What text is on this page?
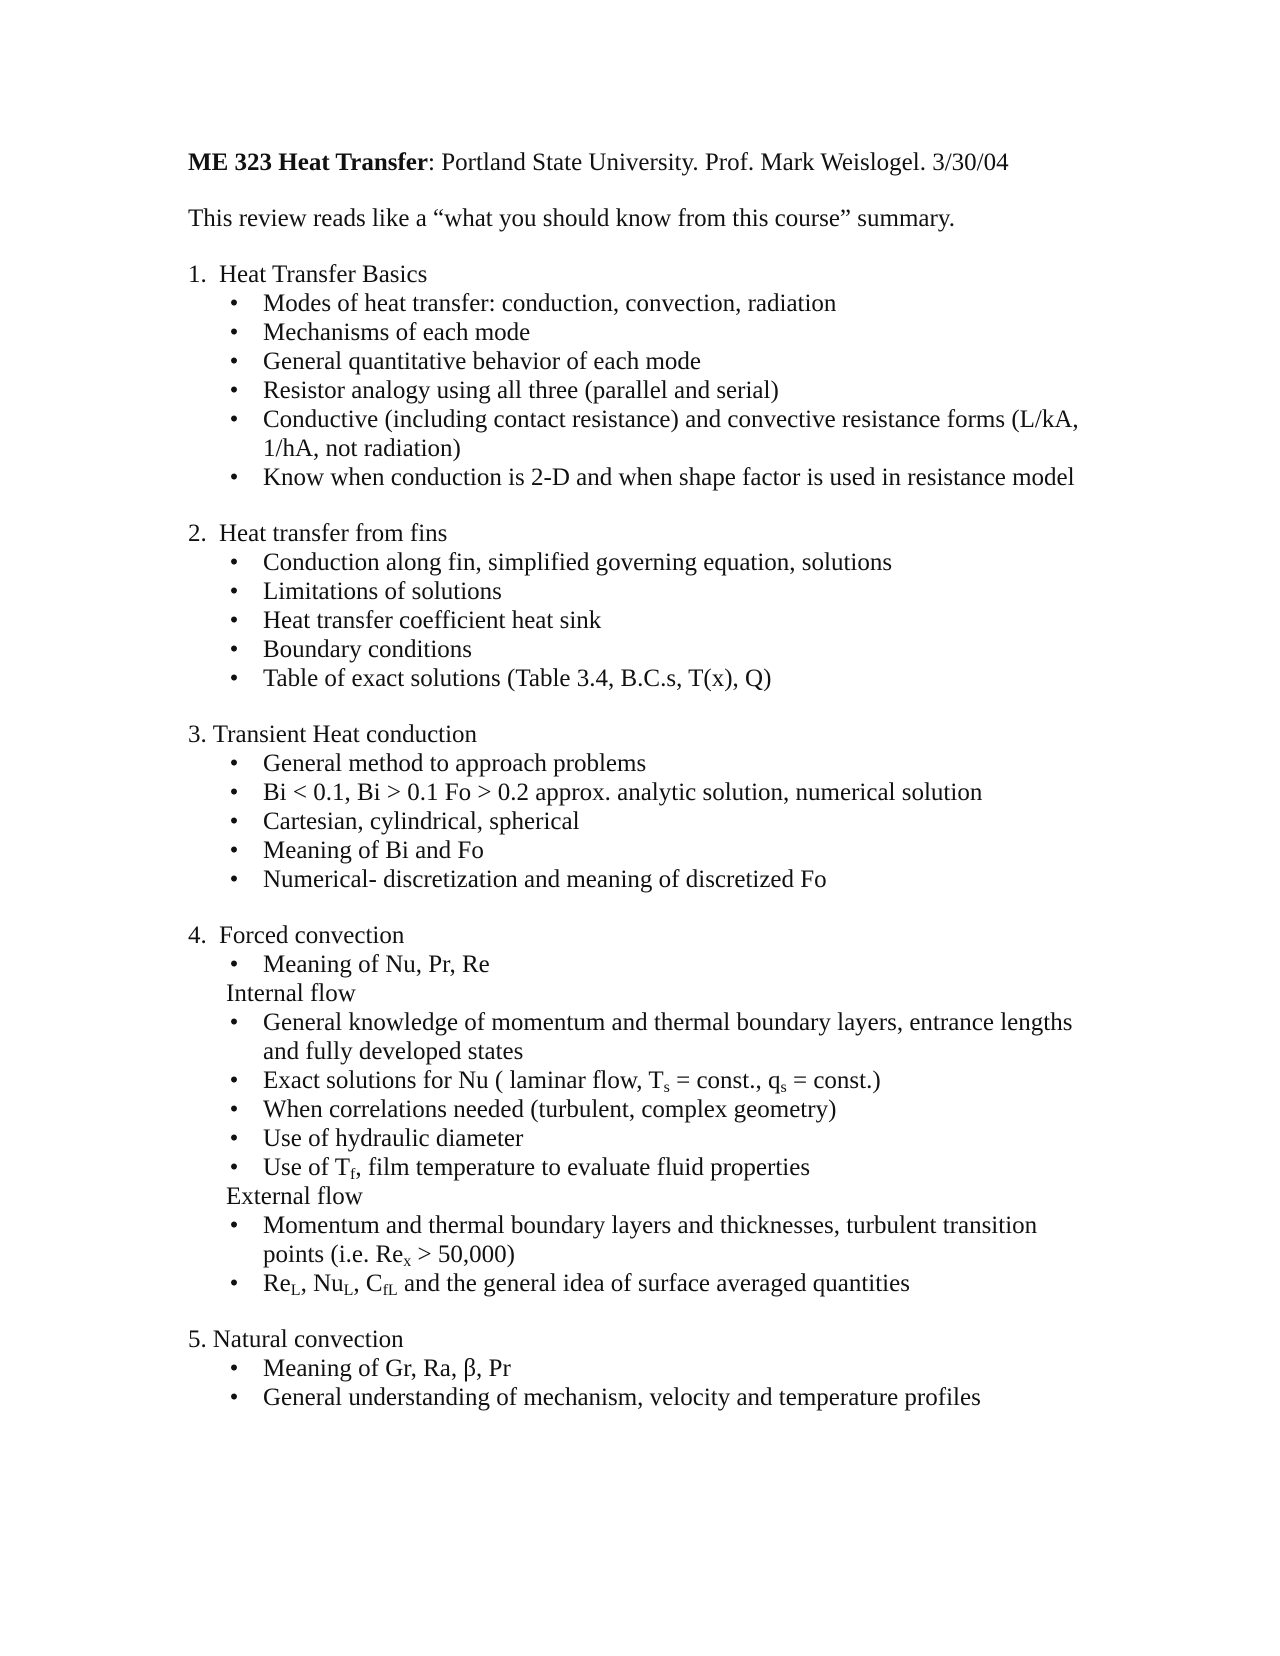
ME 323 Heat Transfer: Portland State University. Prof. Mark Weislogel. 3/30/04

This review reads like a “what you should know from this course” summary.

1. Heat Transfer Basics
• Modes of heat transfer: conduction, convection, radiation
• Mechanisms of each mode
• General quantitative behavior of each mode
• Resistor analogy using all three (parallel and serial)
• Conductive (including contact resistance) and convective resistance forms (L/kA, 1/hA, not radiation)
• Know when conduction is 2-D and when shape factor is used in resistance model
2. Heat transfer from fins
• Conduction along fin, simplified governing equation, solutions
• Limitations of solutions
• Heat transfer coefficient heat sink
• Boundary conditions
• Table of exact solutions (Table 3.4, B.C.s, T(x), Q)
3. Transient Heat conduction
• General method to approach problems
• Bi < 0.1, Bi > 0.1 Fo > 0.2 approx. analytic solution, numerical solution
• Cartesian, cylindrical, spherical
• Meaning of Bi and Fo
• Numerical- discretization and meaning of discretized Fo
4. Forced convection
• Meaning of Nu, Pr, Re
Internal flow
• General knowledge of momentum and thermal boundary layers, entrance lengths and fully developed states
• Exact solutions for Nu ( laminar flow, $T_s$ = const., $q_s$ = const.)
• When correlations needed (turbulent, complex geometry)
• Use of hydraulic diameter
• Use of $T_f$, film temperature to evaluate fluid properties
External flow
• Momentum and thermal boundary layers and thicknesses, turbulent transition points (i.e. $Re_x > 50,000$)
• $Re_L$, $Nu_L$, $C_{fL}$ and the general idea of surface averaged quantities
5. Natural convection
• Meaning of Gr, Ra, β, Pr
• General understanding of mechanism, velocity and temperature profiles
